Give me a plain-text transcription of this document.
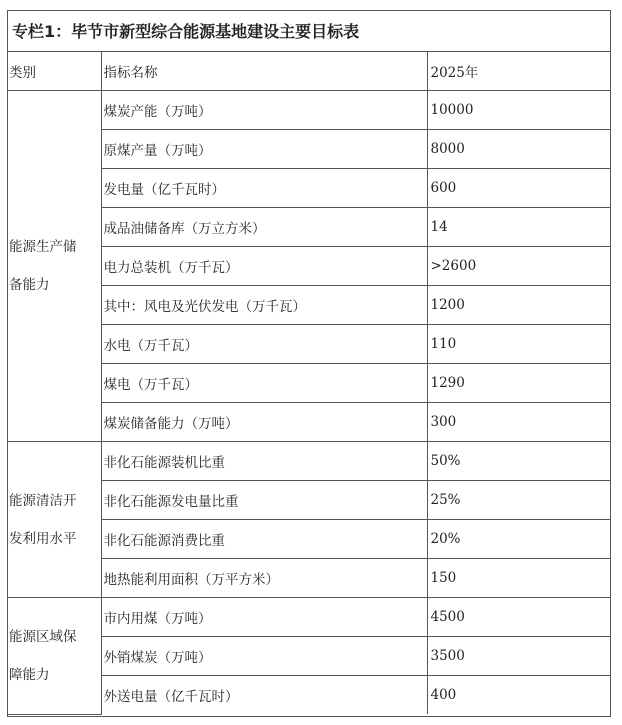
专栏1：毕节市新型综合能源基地建设主要目标表
类别	指标名称	2025年
能源生产储备能力	煤炭产能（万吨）	10000
	原煤产量（万吨）	8000
	发电量（亿千瓦时）	600
	成品油储备库（万立方米）	14
	电力总装机（万千瓦）	>2600
	其中：风电及光伏发电（万千瓦）	1200
	水电（万千瓦）	110
	煤电（万千瓦）	1290
	煤炭储备能力（万吨）	300
能源清洁开发利用水平	非化石能源装机比重	50%
	非化石能源发电量比重	25%
	非化石能源消费比重	20%
	地热能利用面积（万平方米）	150
能源区域保障能力	市内用煤（万吨）	4500
	外销煤炭（万吨）	3500
	外送电量（亿千瓦时）	400
